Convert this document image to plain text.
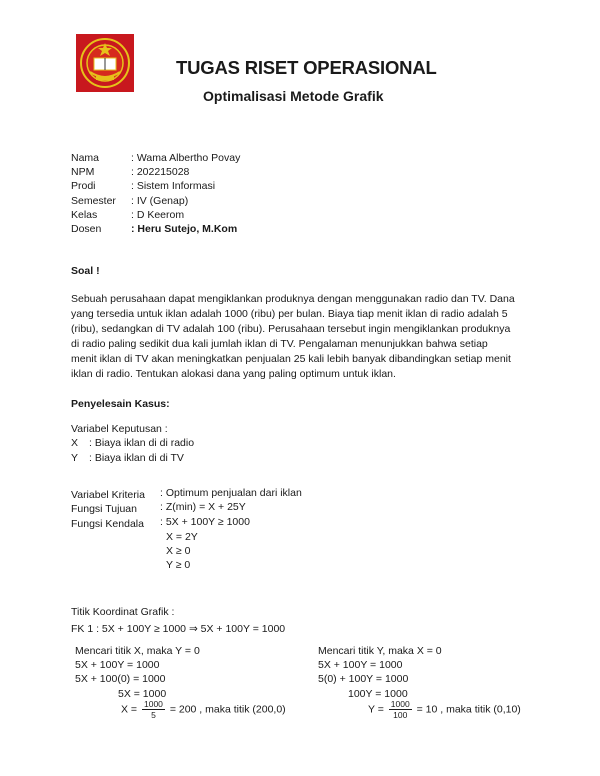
TUGAS RISET OPERASIONAL
Optimalisasi Metode Grafik
Nama	: Wama Albertho Povay
NPM	: 202215028
Prodi	: Sistem Informasi
Semester : IV (Genap)
Kelas	: D Keerom
Dosen	: Heru Sutejo, M.Kom
Soal !

Sebuah perusahaan dapat mengiklankan produknya dengan menggunakan radio dan TV. Dana

yang tersedia untuk iklan adalah 1000 (ribu) per bulan. Biaya tiap menit iklan di radio adalah 5

(ribu), sedangkan di TV adalah 100 (ribu). Perusahaan tersebut ingin mengiklankan produknya

di radio paling sedikit dua kali jumlah iklan di TV. Pengalaman menunjukkan bahwa setiap

menit iklan di TV akan meningkatkan penjualan 25 kali lebih banyak dibandingkan setiap menit

iklan di radio. Tentukan alokasi dana yang paling optimum untuk iklan.

Penyelesain Kasus:
Variabel Keputusan :
X : Biaya iklan di di radio
Y : Biaya iklan di di TV
Variabel Kriteria : Optimum penjualan dari iklan
Fungsi Tujuan : Z(min) = X + 25Y
Fungsi Kendala : 5X + 100Y ≥ 1000
X = 2Y
X ≥ 0
Y ≥ 0
Titik Koordinat Grafik :
FK 1 : 5X + 100Y ≥ 1000 ⇒ 5X + 100Y = 1000
Mencari titik X, maka Y = 0
5X + 100Y = 1000
5X + 100(0) = 1000
5X = 1000
$X = \frac{1000}{5} = 200$ , maka titik (200,0)
Mencari titik Y, maka X = 0
5X + 100Y = 1000
5(0) + 100Y = 1000
100Y = 1000
$Y = \frac{1000}{100} = 10$ , maka titik (0,10)
